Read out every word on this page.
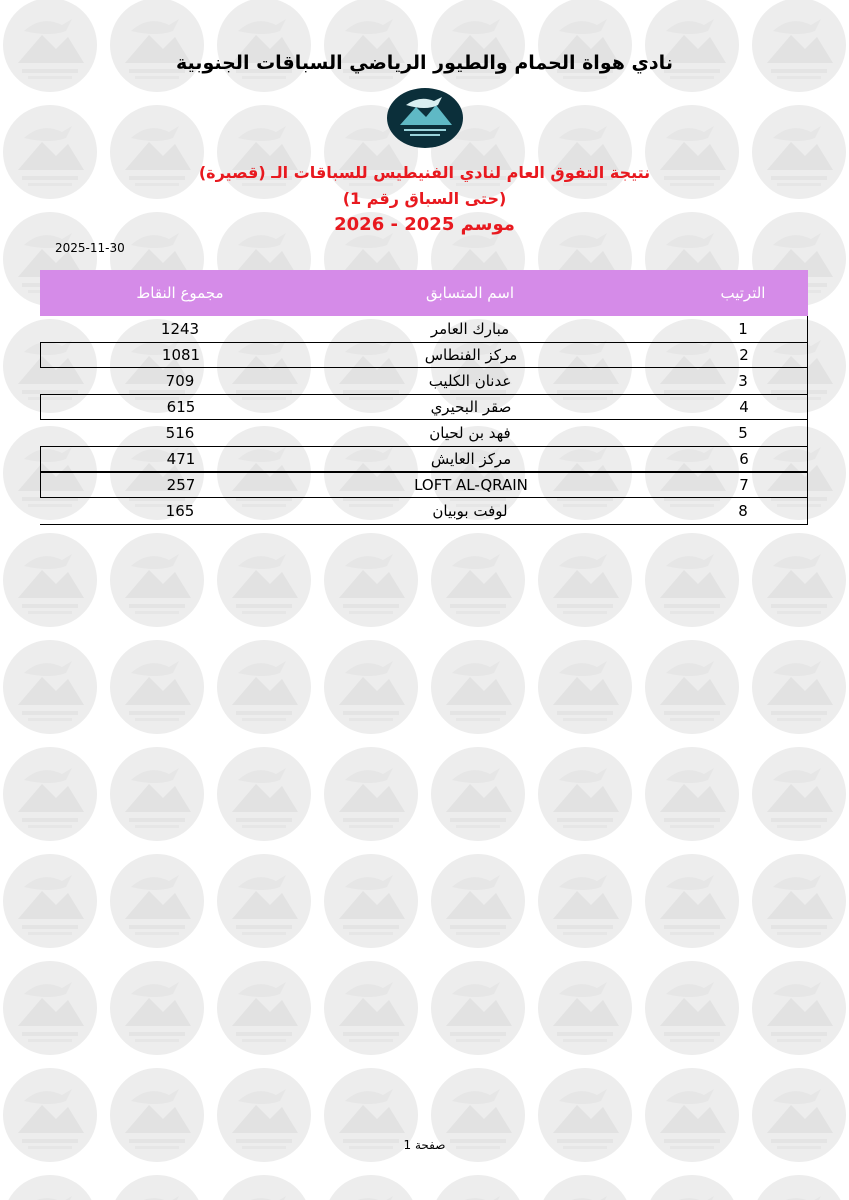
نادي هواة الحمام والطيور الرياضي السباقات الجنوبية
نتيجة التفوق العام لنادي الفنيطيس للسباقات الـ (قصيرة)
(حتى السباق رقم 1)
موسم 2025 - 2026
2025-11-30
الترتيب
اسم المتسابق
مجموع النقاط
1
مبارك العامر
1243
2
مركز الفنطاس
1081
3
عدنان الكليب
709
4
صقر البحيري
615
5
فهد بن لحيان
516
6
مركز العايش
471
7
LOFT AL-QRAIN
257
8
لوفت بوبيان
165
صفحة 1
